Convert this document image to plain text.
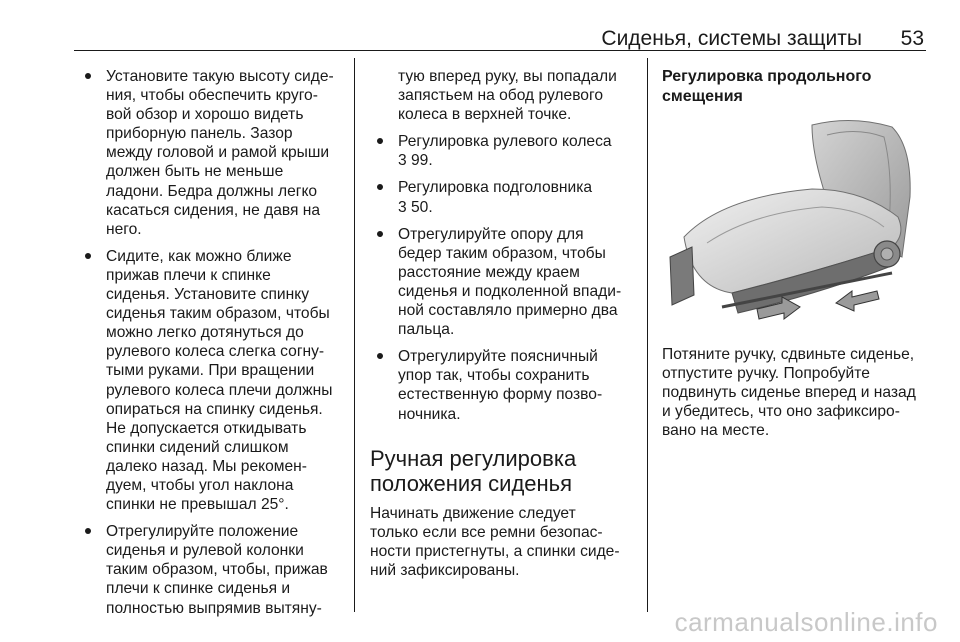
Сиденья, системы защиты 53
Установите такую высоту сиде-
ния, чтобы обеспечить круго-
вой обзор и хорошо видеть
приборную панель. Зазор
между головой и рамой крыши
должен быть не меньше
ладони. Бедра должны легко
касаться сидения, не давя на
него.
Сидите, как можно ближе
прижав плечи к спинке
сиденья. Установите спинку
сиденья таким образом, чтобы
можно легко дотянуться до
рулевого колеса слегка согну-
тыми руками. При вращении
рулевого колеса плечи должны
опираться на спинку сиденья.
Не допускается откидывать
спинки сидений слишком
далеко назад. Мы рекомен-
дуем, чтобы угол наклона
спинки не превышал 25°.
Отрегулируйте положение
сиденья и рулевой колонки
таким образом, чтобы, прижав
плечи к спинке сиденья и
полностью выпрямив вытяну-
тую вперед руку, вы попадали
запястьем на обод рулевого
колеса в верхней точке.
Регулировка рулевого колеса
3 99.
Регулировка подголовника
3 50.
Отрегулируйте опору для
бедер таким образом, чтобы
расстояние между краем
сиденья и подколенной впади-
ной составляло примерно два
пальца.
Отрегулируйте поясничный
упор так, чтобы сохранить
естественную форму позво-
ночника.
Ручная регулировка
положения сиденья
Начинать движение следует
только если все ремни безопас-
ности пристегнуты, а спинки сиде-
ний зафиксированы.
Регулировка продольного
смещения
Потяните ручку, сдвиньте сиденье,
отпустите ручку. Попробуйте
подвинуть сиденье вперед и назад
и убедитесь, что оно зафиксиро-
вано на месте.
carmanualsonline.info
